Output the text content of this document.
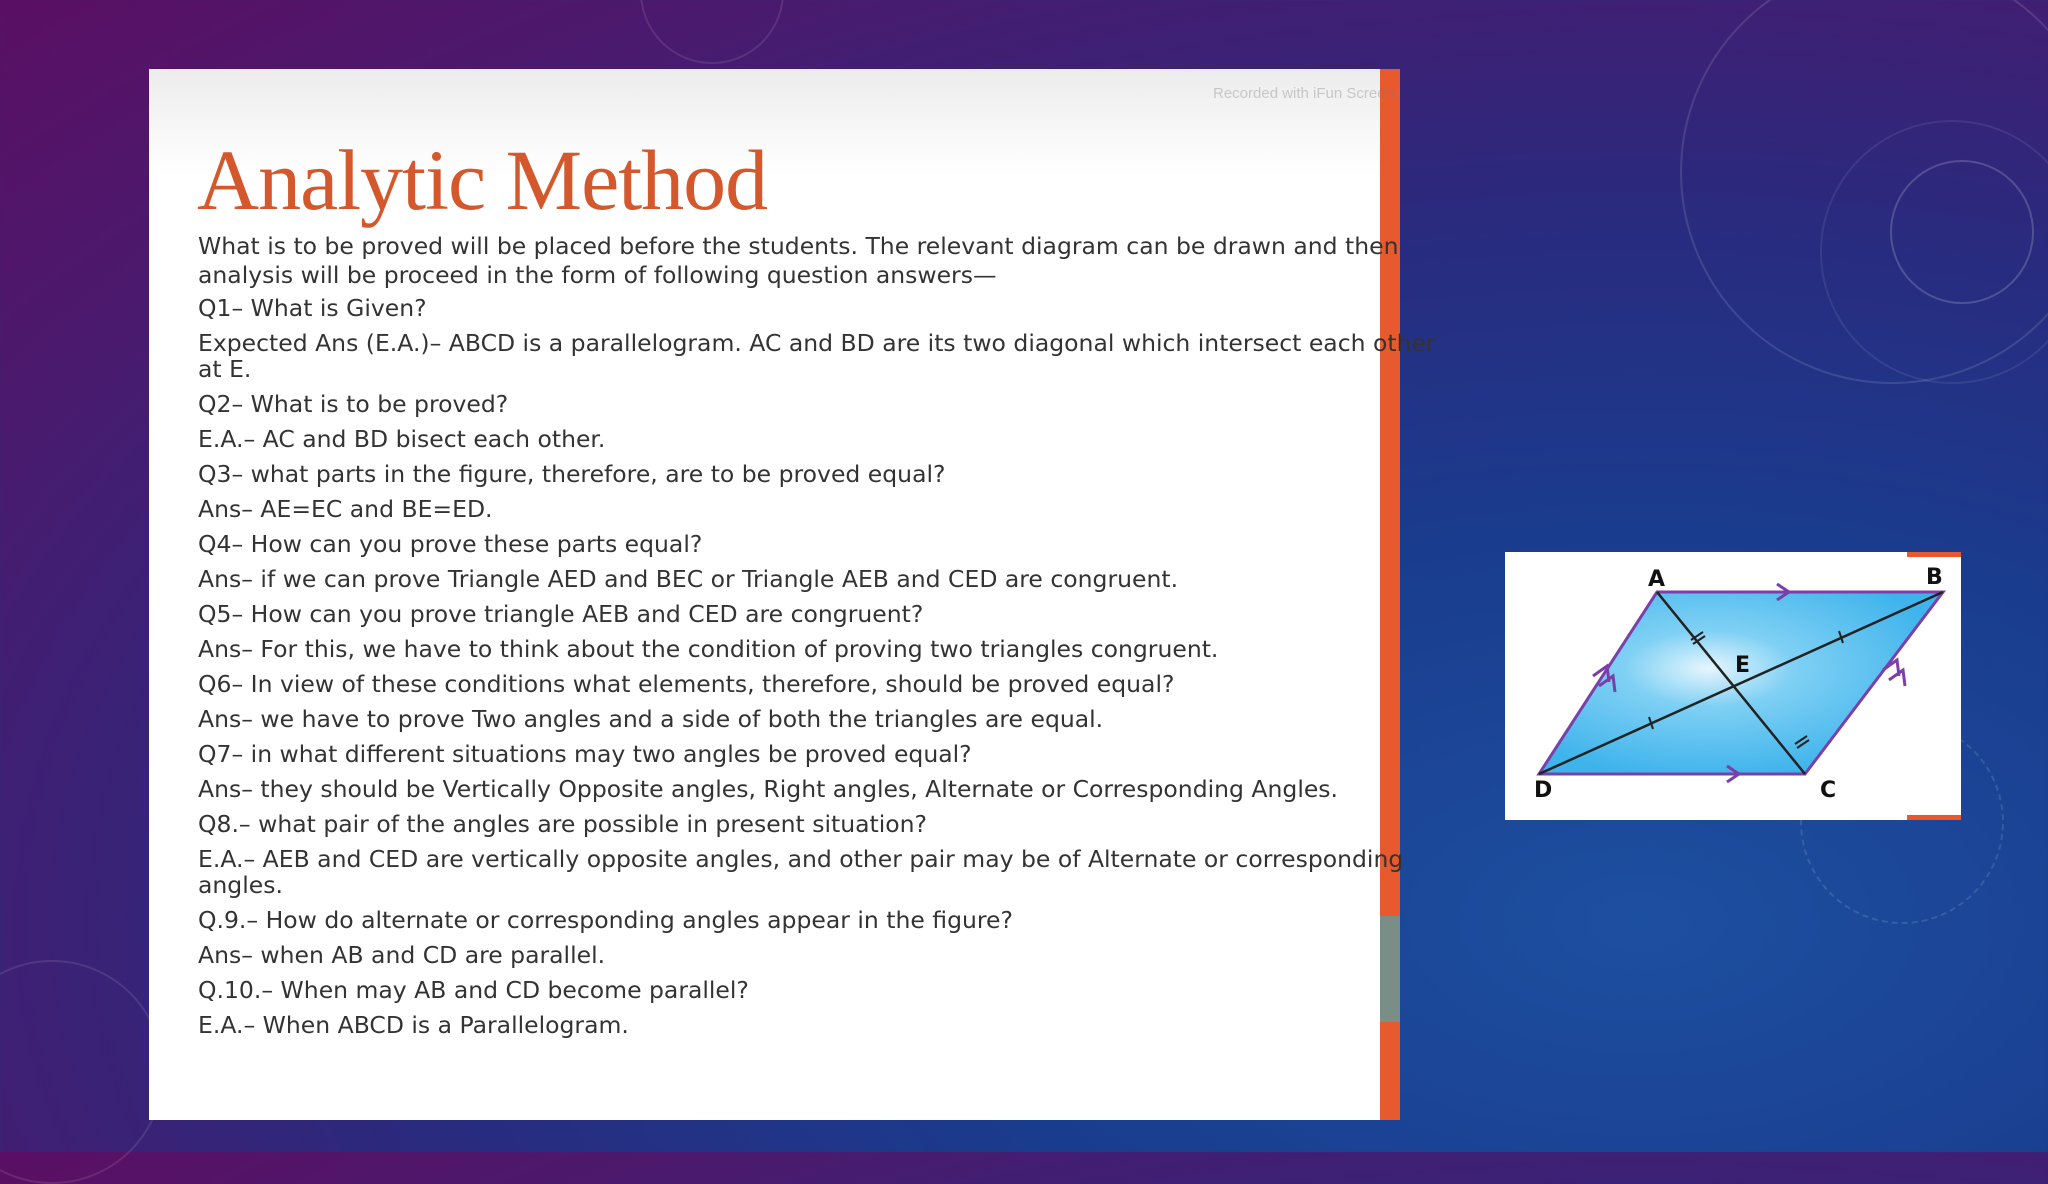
Recorded with iFun Screen
Analytic Method
What is to be proved will be placed before the students. The relevant diagram can be drawn and then
analysis will be proceed in the form of following question answers—
Q1– What is Given?
Expected Ans (E.A.)– ABCD is a parallelogram. AC and BD are its two diagonal which intersect each other
at E.
Q2– What is to be proved?
E.A.– AC and BD bisect each other.
Q3– what parts in the figure, therefore, are to be proved equal?
Ans– AE=EC and BE=ED.
Q4– How can you prove these parts equal?
Ans– if we can prove Triangle AED and BEC or Triangle AEB and CED are congruent.
Q5– How can you prove triangle AEB and CED are congruent?
Ans– For this, we have to think about the condition of proving two triangles congruent.
Q6– In view of these conditions what elements, therefore, should be proved equal?
Ans– we have to prove Two angles and a side of both the triangles are equal.
Q7– in what different situations may two angles be proved equal?
Ans– they should be Vertically Opposite angles, Right angles, Alternate or Corresponding Angles.
Q8.– what pair of the angles are possible in present situation?
E.A.– AEB and CED are vertically opposite angles, and other pair may be of Alternate or corresponding
angles.
Q.9.– How do alternate or corresponding angles appear in the figure?
Ans– when AB and CD are parallel.
Q.10.– When may AB and CD become parallel?
E.A.– When ABCD is a Parallelogram.
A	B
C
D
E
